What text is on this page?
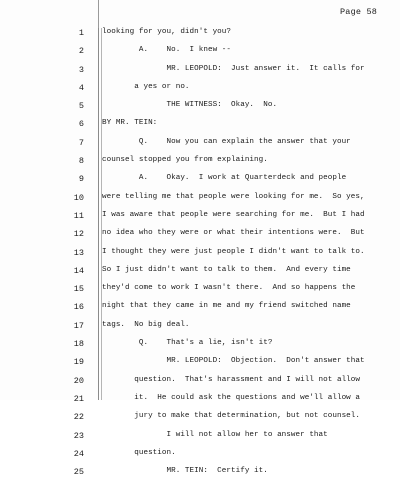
Page 58
1 looking for you, didn't you?
2 A.    No.  I knew --
3 MR. LEOPOLD:  Just answer it.  It calls for
4 a yes or no.
5 THE WITNESS:  Okay.  No.
6 BY MR. TEIN:
7 Q.    Now you can explain the answer that your
8 counsel stopped you from explaining.
9 A.    Okay.  I work at Quarterdeck and people
10 were telling me that people were looking for me.  So yes,
11 I was aware that people were searching for me.  But I had
12 no idea who they were or what their intentions were.  But
13 I thought they were just people I didn't want to talk to.
14 So I just didn't want to talk to them.  And every time
15 they'd come to work I wasn't there.  And so happens the
16 night that they came in me and my friend switched name
17 tags.  No big deal.
18 Q.    That's a lie, isn't it?
19 MR. LEOPOLD:  Objection.  Don't answer that
20 question.  That's harassment and I will not allow
21 it.  He could ask the questions and we'll allow a
22 jury to make that determination, but not counsel.
23 I will not allow her to answer that
24 question.
25 MR. TEIN:  Certify it.
